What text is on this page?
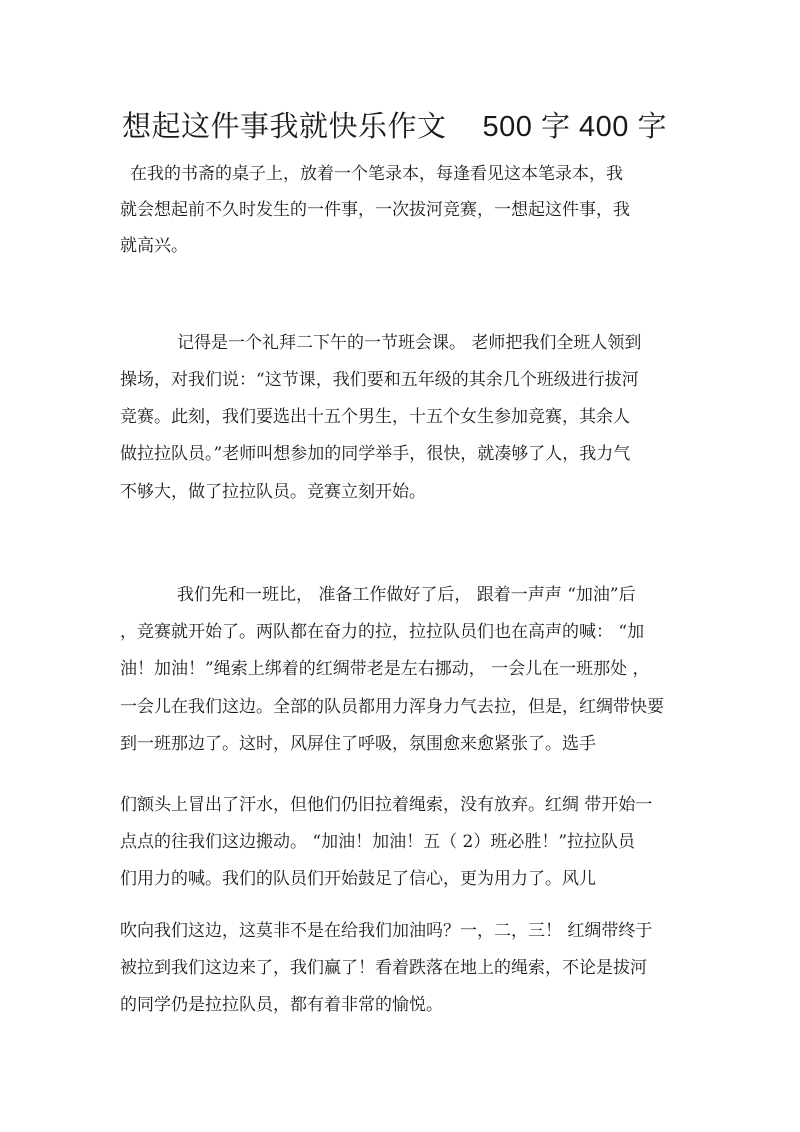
想起这件事我就快乐作文 500 字 400 字
在我的书斋的桌子上，放着一个笔录本，每逢看见这本笔录本，我
就会想起前不久时发生的一件事，一次拔河竞赛，一想起这件事，我
就高兴。
记得是一个礼拜二下午的一节班会课。 老师把我们全班人领到
操场，对我们说：“这节课，我们要和五年级的其余几个班级进行拔河
竞赛。此刻，我们要选出十五个男生，十五个女生参加竞赛，其余人
做拉拉队员。”老师叫想参加的同学举手，很快，就凑够了人，我力气
不够大，做了拉拉队员。竞赛立刻开始。
我们先和一班比， 准备工作做好了后， 跟着一声声 “加油”后
，竞赛就开始了。两队都在奋力的拉，拉拉队员们也在高声的喊： “加
油！加油！”绳索上绑着的红绸带老是左右挪动， 一会儿在一班那处 ，
一会儿在我们这边。全部的队员都用力浑身力气去拉，但是，红绸带快要
到一班那边了。这时，风屏住了呼吸，氛围愈来愈紧张了。选手
们额头上冒出了汗水，但他们仍旧拉着绳索，没有放弃。红绸 带开始一
点点的往我们这边搬动。 “加油！加油！五（ 2）班必胜！”拉拉队员
们用力的喊。我们的队员们开始鼓足了信心，更为用力了。风儿
吹向我们这边，这莫非不是在给我们加油吗？一，二，三！ 红绸带终于
被拉到我们这边来了，我们赢了！看着跌落在地上的绳索，不论是拔河
的同学仍是拉拉队员，都有着非常的愉悦。
